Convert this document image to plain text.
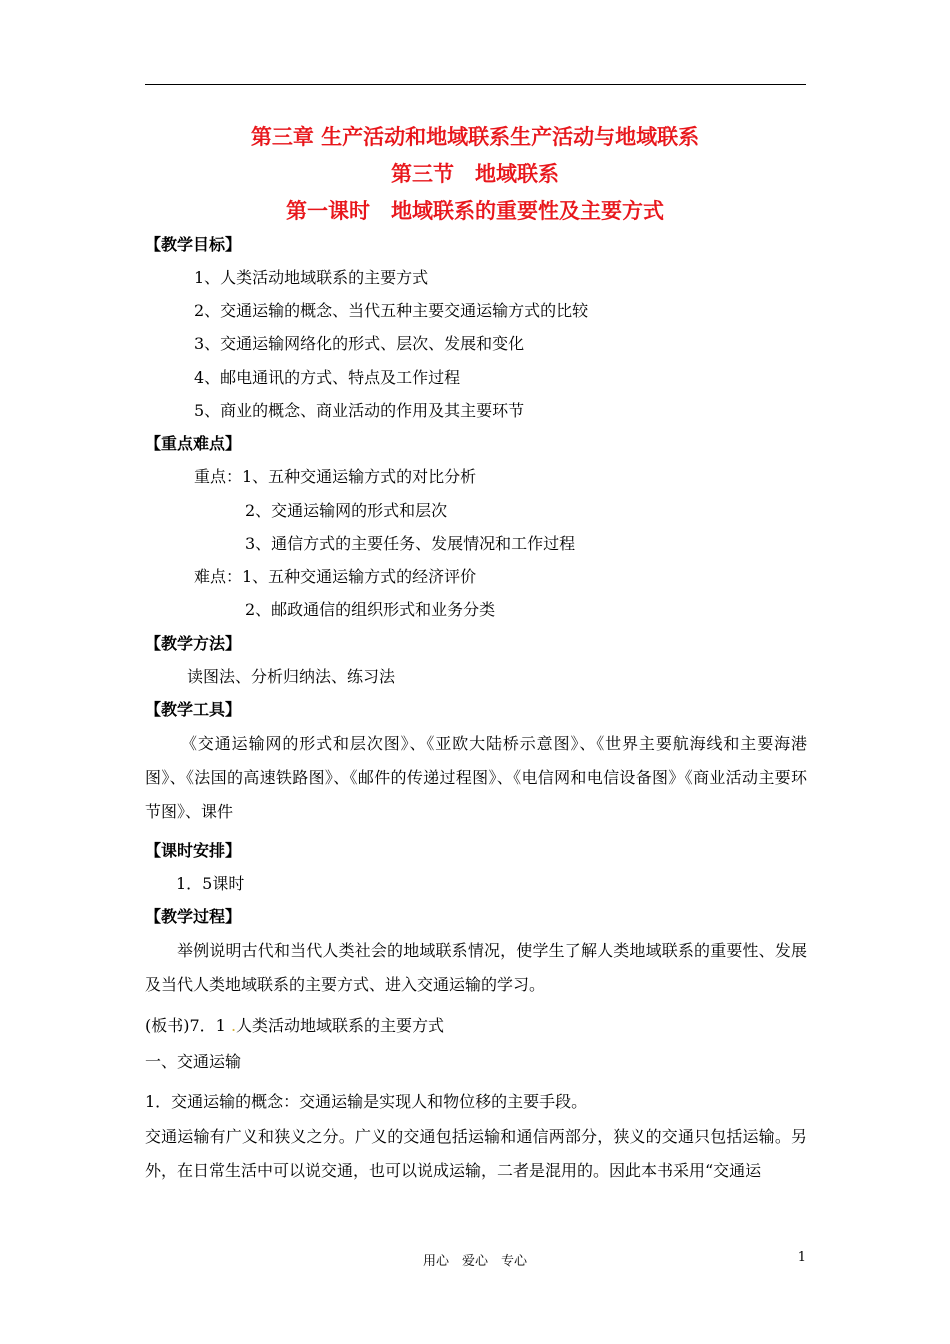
第三章 生产活动和地域联系生产活动与地域联系
第三节　地域联系
第一课时　地域联系的重要性及主要方式
【教学目标】
1、人类活动地域联系的主要方式
2、交通运输的概念、当代五种主要交通运输方式的比较
3、交通运输网络化的形式、层次、发展和变化
4、邮电通讯的方式、特点及工作过程
5、商业的概念、商业活动的作用及其主要环节
【重点难点】
重点：1、五种交通运输方式的对比分析
2、交通运输网的形式和层次
3、通信方式的主要任务、发展情况和工作过程
难点：1、五种交通运输方式的经济评价
2、邮政通信的组织形式和业务分类
【教学方法】
读图法、分析归纳法、练习法
【教学工具】
《交通运输网的形式和层次图》、《亚欧大陆桥示意图》、《世界主要航海线和主要海港图》、《法国的高速铁路图》、《邮件的传递过程图》、《电信网和电信设备图》《商业活动主要环节图》、课件
【课时安排】
1．5课时
【教学过程】
举例说明古代和当代人类社会的地域联系情况，使学生了解人类地域联系的重要性、发展及当代人类地域联系的主要方式、进入交通运输的学习。
(板书)7．1 .人类活动地域联系的主要方式
一、交通运输
1．交通运输的概念：交通运输是实现人和物位移的主要手段。
交通运输有广义和狭义之分。广义的交通包括运输和通信两部分，狭义的交通只包括运输。另外，在日常生活中可以说交通，也可以说成运输，二者是混用的。因此本书采用“交通运
用心　爱心　专心	1
